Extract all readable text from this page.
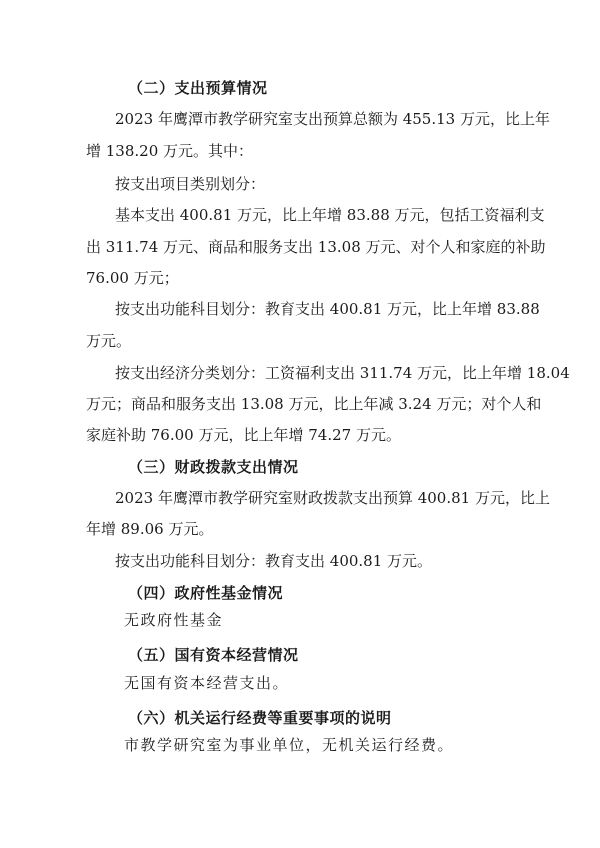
（二）支出预算情况
2023 年鹰潭市教学研究室支出预算总额为 455.13 万元，比上年
增 138.20 万元。其中：
按支出项目类别划分：
基本支出 400.81 万元，比上年增 83.88 万元，包括工资福利支
出 311.74 万元、商品和服务支出 13.08 万元、对个人和家庭的补助
76.00 万元；
按支出功能科目划分：教育支出 400.81 万元，比上年增 83.88
万元。
按支出经济分类划分：工资福利支出 311.74 万元，比上年增 18.04
万元；商品和服务支出 13.08 万元，比上年减 3.24 万元；对个人和
家庭补助 76.00 万元，比上年增 74.27 万元。
（三）财政拨款支出情况
2023 年鹰潭市教学研究室财政拨款支出预算 400.81 万元，比上
年增 89.06 万元。
按支出功能科目划分：教育支出 400.81 万元。
（四）政府性基金情况
无政府性基金
（五）国有资本经营情况
无国有资本经营支出。
（六）机关运行经费等重要事项的说明
市教学研究室为事业单位，无机关运行经费。
